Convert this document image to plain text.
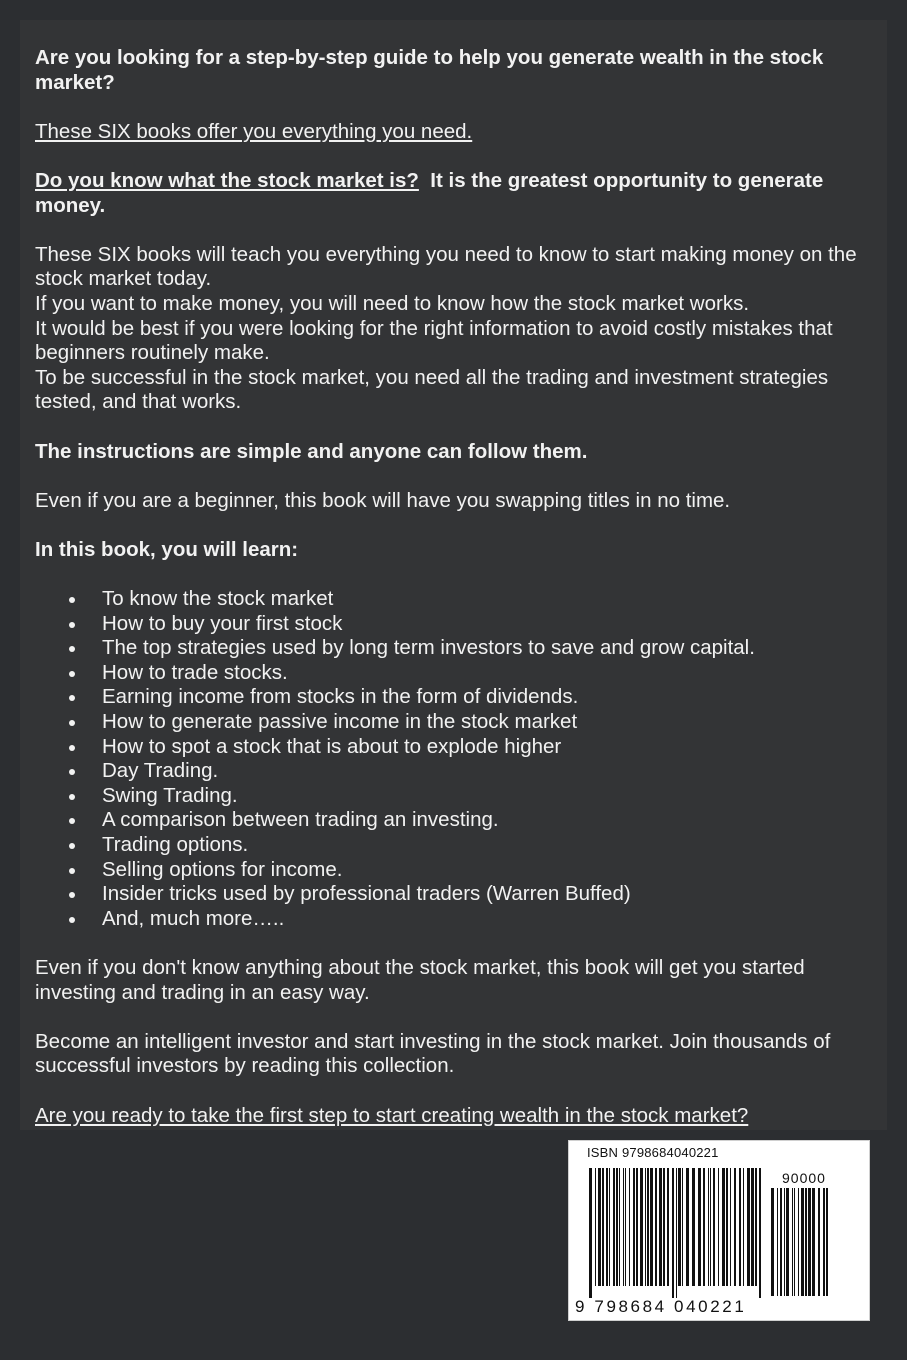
Are you looking for a step-by-step guide to help you generate wealth in the stock market?

These SIX books offer you everything you need.

Do you know what the stock market is? It is the greatest opportunity to generate money.

These SIX books will teach you everything you need to know to start making money on the stock market today.
If you want to make money, you will need to know how the stock market works.
It would be best if you were looking for the right information to avoid costly mistakes that beginners routinely make.
To be successful in the stock market, you need all the trading and investment strategies tested, and that works.

The instructions are simple and anyone can follow them.

Even if you are a beginner, this book will have you swapping titles in no time.

In this book, you will learn:

To know the stock market
How to buy your first stock
The top strategies used by long term investors to save and grow capital.
How to trade stocks.
Earning income from stocks in the form of dividends.
How to generate passive income in the stock market
How to spot a stock that is about to explode higher
Day Trading.
Swing Trading.
A comparison between trading an investing.
Trading options.
Selling options for income.
Insider tricks used by professional traders (Warren Buffed)
And, much more…..

Even if you don't know anything about the stock market, this book will get you started investing and trading in an easy way.

Become an intelligent investor and start investing in the stock market. Join thousands of successful investors by reading this collection.

Are you ready to take the first step to start creating wealth in the stock market?

ISBN 9798684040221
90000
9 798684 040221
